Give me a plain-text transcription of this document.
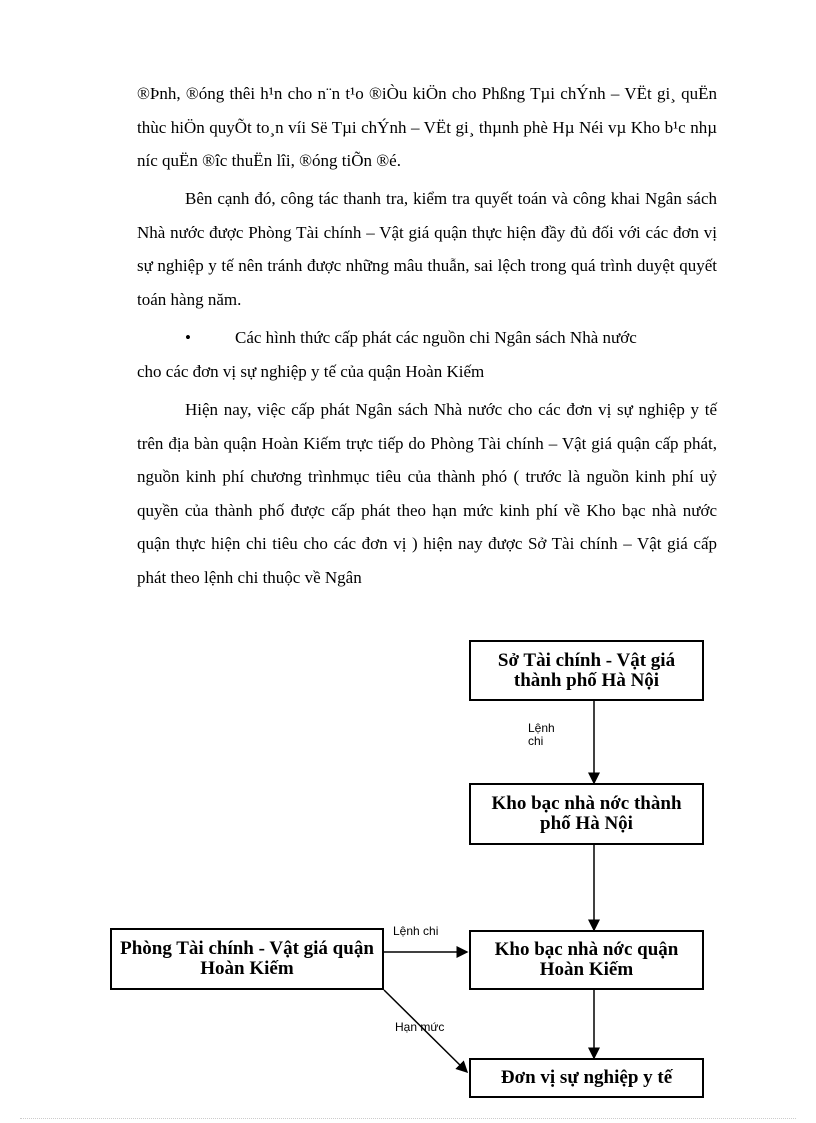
®Þnh, ®óng thêi h¹n cho n¨n t¹o ®iÒu kiÖn cho Phßng Tµi chÝnh – VËt gi¸ quËn thùc hiÖn quyÕt to¸n víi Së Tµi chÝnh – VËt gi¸ thµnh phè Hµ Néi vµ Kho b¹c nhµ níc quËn ®îc thuËn lîi, ®óng tiÕn ®é.
Bên cạnh đó, công tác thanh tra, kiểm tra quyết toán và công khai Ngân sách Nhà nước được Phòng Tài chính – Vật giá quận thực hiện đầy đủ đối với các đơn vị sự nghiệp y tế nên tránh được những mâu thuẫn, sai lệch trong quá trình duyệt quyết toán hàng năm.
•	Các hình thức cấp phát các nguồn chi Ngân sách Nhà nước
cho các đơn vị sự nghiệp y tế của quận Hoàn Kiếm
Hiện nay, việc cấp phát Ngân sách Nhà nước cho các đơn vị sự nghiệp y tế trên địa bàn quận Hoàn Kiếm trực tiếp do Phòng Tài chính – Vật giá quận cấp phát, nguồn kinh phí chương trìnhmục tiêu của thành phó ( trước là nguồn kinh phí uỷ quyền của thành phố được cấp phát theo hạn mức kinh phí về Kho bạc nhà nước quận thực hiện chi tiêu cho các đơn vị ) hiện nay được Sở Tài chính – Vật giá cấp phát theo lệnh chi thuộc về Ngân
Sở Tài chính - Vật giá thành phố Hà Nội
Kho bạc nhà nớc thành phố Hà Nội
Kho bạc nhà nớc quận Hoàn Kiếm
Phòng Tài chính - Vật giá quận Hoàn Kiếm
Đơn vị sự nghiệp y tế
Lệnh
chi
Lệnh chi
Hạn mức
